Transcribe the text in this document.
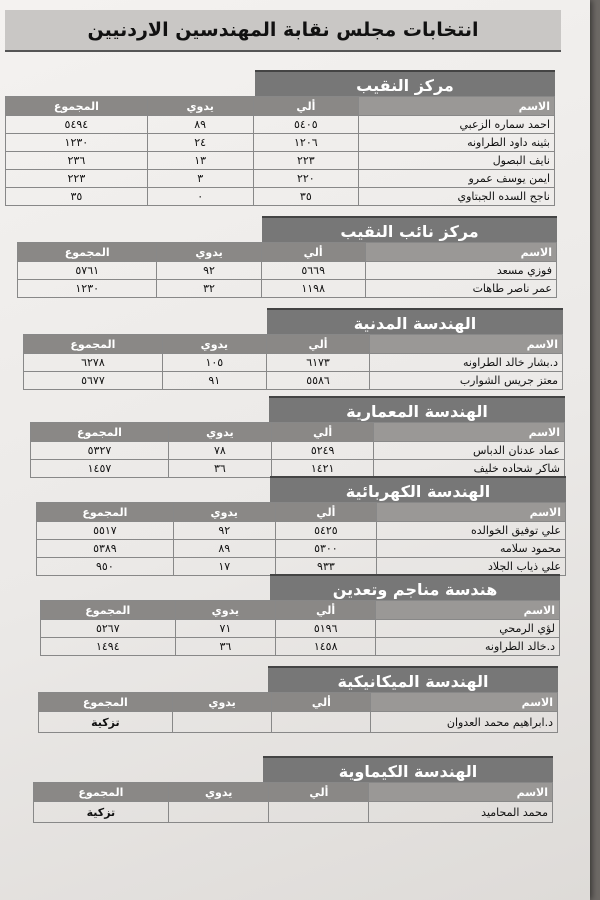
انتخابات مجلس نقابة المهندسين الاردنيين
مركز النقيب
الاسم	ألي	يدوي	المجموع
احمد سماره الزعبي	٥٤٠٥	٨٩	٥٤٩٤
بثينه داود الطراونه	١٢٠٦	٢٤	١٢٣٠
نايف البصول	٢٢٣	١٣	٢٣٦
ايمن يوسف عمرو	٢٢٠	٣	٢٢٣
ناجح السده الجبتاوي	٣٥	٠	٣٥
مركز نائب النقيب
الاسم	ألي	يدوي	المجموع
فوزي مسعد	٥٦٦٩	٩٢	٥٧٦١
عمر ناصر طاهات	١١٩٨	٣٢	١٢٣٠
الهندسة المدنية
الاسم	ألي	يدوي	المجموع
د.بشار خالد الطراونه	٦١٧٣	١٠٥	٦٢٧٨
معتز جريس الشوارب	٥٥٨٦	٩١	٥٦٧٧
الهندسة المعمارية
الاسم	ألي	يدوي	المجموع
عماد عدنان الدباس	٥٢٤٩	٧٨	٥٣٢٧
شاكر شحاده خليف	١٤٢١	٣٦	١٤٥٧
الهندسة الكهربائية
الاسم	ألي	يدوي	المجموع
علي توفيق الخوالده	٥٤٢٥	٩٢	٥٥١٧
محمود سلامه	٥٣٠٠	٨٩	٥٣٨٩
علي ذياب الجلاد	٩٣٣	١٧	٩٥٠
هندسة مناجم وتعدين
الاسم	ألي	يدوي	المجموع
لؤي الرمحي	٥١٩٦	٧١	٥٢٦٧
د.خالد الطراونه	١٤٥٨	٣٦	١٤٩٤
الهندسة الميكانيكية
الاسم	ألي	يدوي	المجموع
د.ابراهيم محمد العدوان			تزكية
الهندسة الكيماوية
الاسم	ألي	يدوي	المجموع
محمد المحاميد			تزكية
